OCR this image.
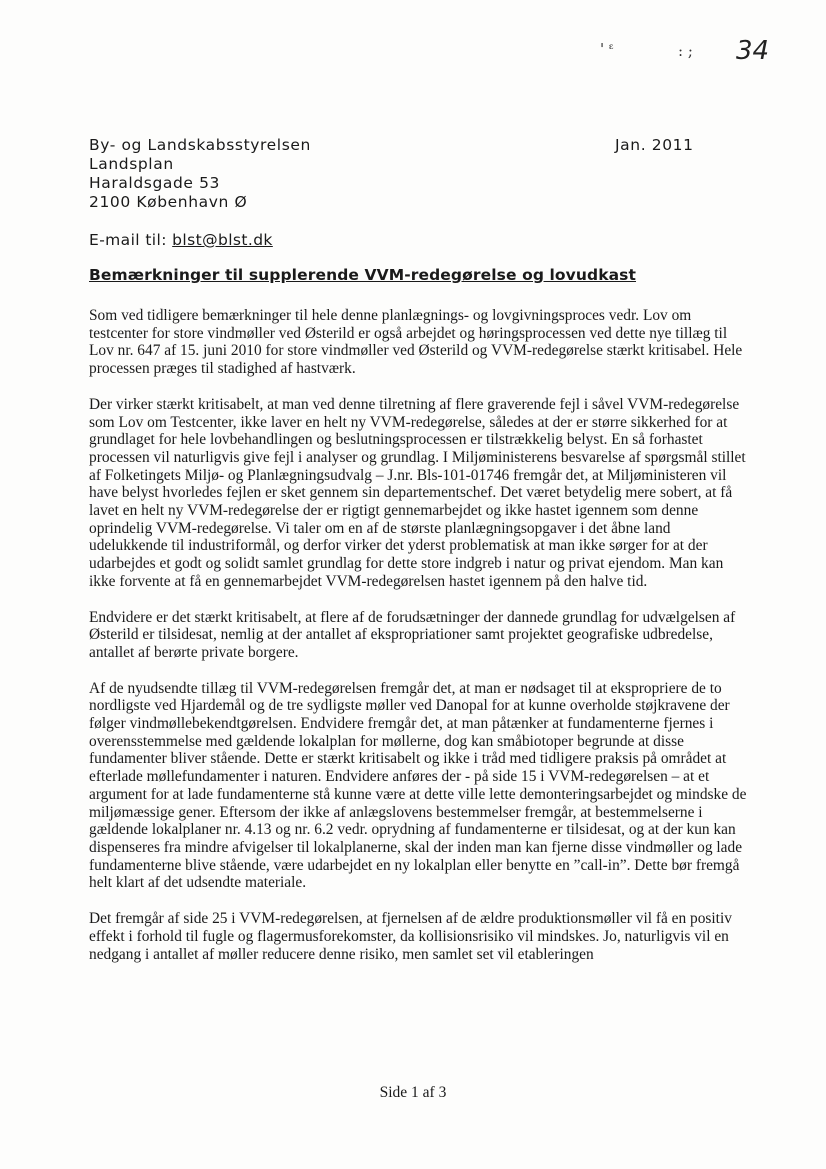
' ᵋ	: ; 34
By- og Landskabsstyrelsen
Landsplan
Haraldsgade 53
2100 København Ø
Jan. 2011
E-mail til: blst@blst.dk
Bemærkninger til supplerende VVM-redegørelse og lovudkast

Som ved tidligere bemærkninger til hele denne planlægnings- og lovgivningsproces vedr. Lov om testcenter for store vindmøller ved Østerild er også arbejdet og høringsprocessen ved dette nye tillæg til Lov nr. 647 af 15. juni 2010 for store vindmøller ved Østerild og VVM-redegørelse stærkt kritisabel. Hele processen præges til stadighed af hastværk.

Der virker stærkt kritisabelt, at man ved denne tilretning af flere graverende fejl i såvel VVM-redegørelse som Lov om Testcenter, ikke laver en helt ny VVM-redegørelse, således at der er større sikkerhed for at grundlaget for hele lovbehandlingen og beslutningsprocessen er tilstrækkelig belyst. En så forhastet processen vil naturligvis give fejl i analyser og grundlag. I Miljøministerens besvarelse af spørgsmål stillet af Folketingets Miljø- og Planlægningsudvalg – J.nr. Bls-101-01746 fremgår det, at Miljøministeren vil have belyst hvorledes fejlen er sket gennem sin departementschef. Det været betydelig mere sobert, at få lavet en helt ny VVM-redegørelse der er rigtigt gennemarbejdet og ikke hastet igennem som denne oprindelig VVM-redegørelse. Vi taler om en af de største planlægningsopgaver i det åbne land udelukkende til industriformål, og derfor virker det yderst problematisk at man ikke sørger for at der udarbejdes et godt og solidt samlet grundlag for dette store indgreb i natur og privat ejendom. Man kan ikke forvente at få en gennemarbejdet VVM-redegørelsen hastet igennem på den halve tid.

Endvidere er det stærkt kritisabelt, at flere af de forudsætninger der dannede grundlag for udvælgelsen af Østerild er tilsidesat, nemlig at der antallet af ekspropriationer samt projektet geografiske udbredelse, antallet af berørte private borgere.

Af de nyudsendte tillæg til VVM-redegørelsen fremgår det, at man er nødsaget til at ekspropriere de to nordligste ved Hjardemål og de tre sydligste møller ved Danopal for at kunne overholde støjkravene der følger vindmøllebekendtgørelsen. Endvidere fremgår det, at man påtænker at fundamenterne fjernes i overensstemmelse med gældende lokalplan for møllerne, dog kan småbiotoper begrunde at disse fundamenter bliver stående. Dette er stærkt kritisabelt og ikke i tråd med tidligere praksis på området at efterlade møllefundamenter i naturen. Endvidere anføres der - på side 15 i VVM-redegørelsen – at et argument for at lade fundamenterne stå kunne være at dette ville lette demonteringsarbejdet og mindske de miljømæssige gener. Eftersom der ikke af anlægslovens bestemmelser fremgår, at bestemmelserne i gældende lokalplaner nr. 4.13 og nr. 6.2 vedr. oprydning af fundamenterne er tilsidesat, og at der kun kan dispenseres fra mindre afvigelser til lokalplanerne, skal der inden man kan fjerne disse vindmøller og lade fundamenterne blive stående, være udarbejdet en ny lokalplan eller benytte en ”call-in”. Dette bør fremgå helt klart af det udsendte materiale.

Det fremgår af side 25 i VVM-redegørelsen, at fjernelsen af de ældre produktionsmøller vil få en positiv effekt i forhold til fugle og flagermusforekomster, da kollisionsrisiko vil mindskes. Jo, naturligvis vil en nedgang i antallet af møller reducere denne risiko, men samlet set vil etableringen

Side 1 af 3
